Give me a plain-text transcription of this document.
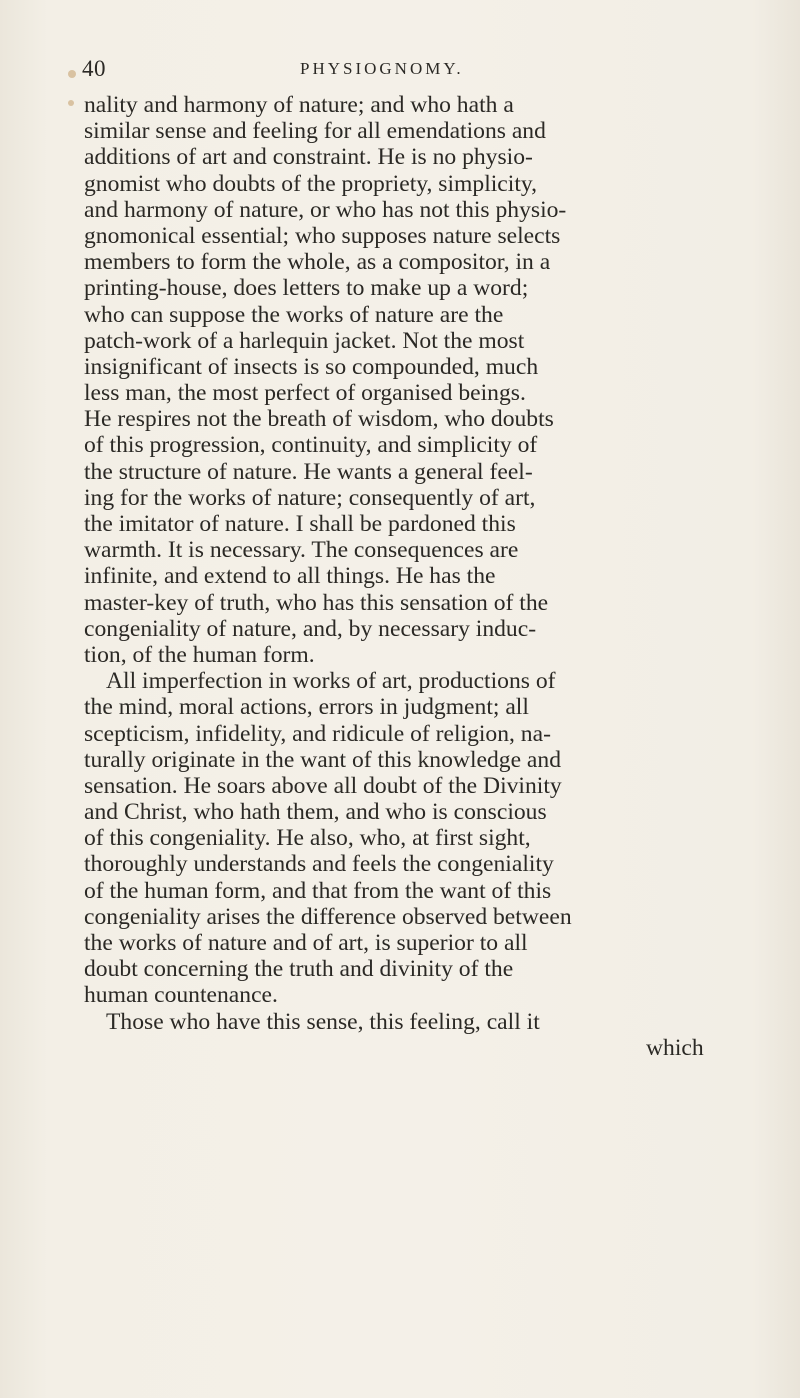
40	PHYSIOGNOMY.
nality and harmony of nature; and who hath a
similar sense and feeling for all emendations and
additions of art and constraint. He is no physio-
gnomist who doubts of the propriety, simplicity,
and harmony of nature, or who has not this physio-
gnomonical essential; who supposes nature selects
members to form the whole, as a compositor, in a
printing-house, does letters to make up a word;
who can suppose the works of nature are the
patch-work of a harlequin jacket. Not the most
insignificant of insects is so compounded, much
less man, the most perfect of organised beings.
He respires not the breath of wisdom, who doubts
of this progression, continuity, and simplicity of
the structure of nature. He wants a general feel-
ing for the works of nature; consequently of art,
the imitator of nature. I shall be pardoned this
warmth. It is necessary. The consequences are
infinite, and extend to all things. He has the
master-key of truth, who has this sensation of the
congeniality of nature, and, by necessary induc-
tion, of the human form.
All imperfection in works of art, productions of
the mind, moral actions, errors in judgment; all
scepticism, infidelity, and ridicule of religion, na-
turally originate in the want of this knowledge and
sensation. He soars above all doubt of the Divinity
and Christ, who hath them, and who is conscious
of this congeniality. He also, who, at first sight,
thoroughly understands and feels the congeniality
of the human form, and that from the want of this
congeniality arises the difference observed between
the works of nature and of art, is superior to all
doubt concerning the truth and divinity of the
human countenance.
Those who have this sense, this feeling, call it
which
